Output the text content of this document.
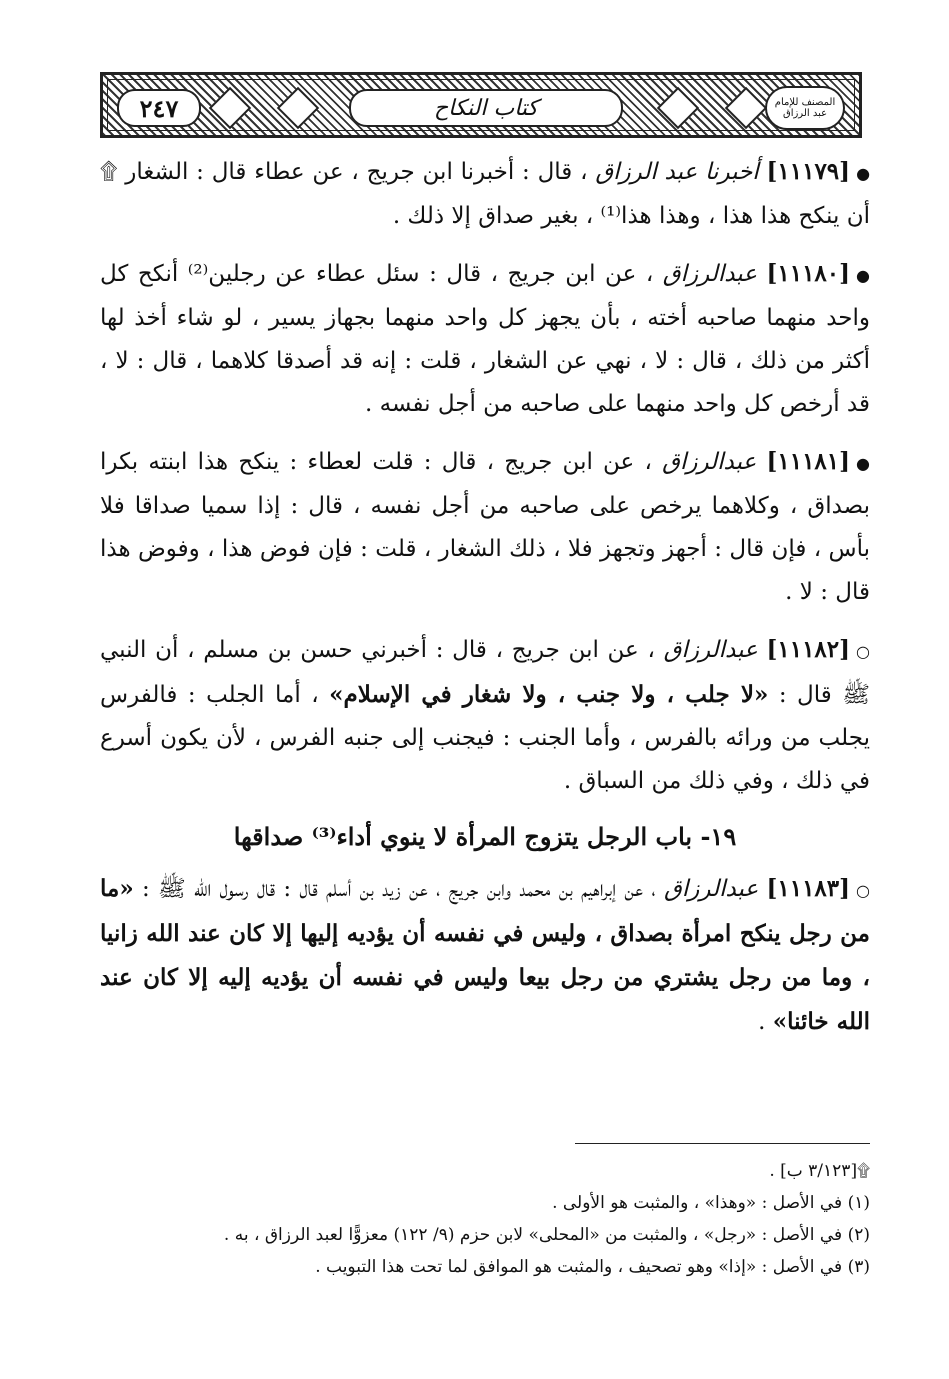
٢٤٧	كتاب النكاح	المصنف للإمام عبد الرزاق

●[١١١٧٩] أخبرنا عبد الرزاق ، قال : أخبرنا ابن جريج ، عن عطاء قال : الشغار ۩ أن ينكح هذا هذا ، وهذا هذا⁽¹⁾ ، بغير صداق إلا ذلك .

●[١١١٨٠] عبدالرزاق ، عن ابن جريج ، قال : سئل عطاء عن رجلين⁽²⁾ أنكح كل واحد منهما صاحبه أخته ، بأن يجهز كل واحد منهما بجهاز يسير ، لو شاء أخذ لها أكثر من ذلك ، قال : لا ، نهي عن الشغار ، قلت : إنه قد أصدقا كلاهما ، قال : لا ، قد أرخص كل واحد منهما على صاحبه من أجل نفسه .

●[١١١٨١] عبدالرزاق ، عن ابن جريج ، قال : قلت لعطاء : ينكح هذا ابنته بكرا بصداق ، وكلاهما يرخص على صاحبه من أجل نفسه ، قال : إذا سميا صداقا فلا بأس ، فإن قال : أجهز وتجهز فلا ، ذلك الشغار ، قلت : فإن فوض هذا ، وفوض هذا قال : لا .

○[١١١٨٢] عبدالرزاق ، عن ابن جريج ، قال : أخبرني حسن بن مسلم ، أن النبي ﷺ قال : «لا جلب ، ولا جنب ، ولا شغار في الإسلام» ، أما الجلب : فالفرس يجلب من ورائه بالفرس ، وأما الجنب : فيجنب إلى جنبه الفرس ، لأن يكون أسرع في ذلك ، وفي ذلك من السباق .

١٩- باب الرجل يتزوج المرأة لا ينوي أداء⁽³⁾ صداقها

○[١١١٨٣] عبدالرزاق ، عن إبراهيم بن محمد وابن جريج ، عن زيد بن أسلم قال : قال رسول الله ﷺ : «ما من رجل ينكح امرأة بصداق ، وليس في نفسه أن يؤديه إليها إلا كان عند الله زانيا ، وما من رجل يشتري من رجل بيعا وليس في نفسه أن يؤديه إليه إلا كان عند الله خائنا» .

۩[٣/١٢٣ ب] .

(١) في الأصل : «وهذا» ، والمثبت هو الأولى .

(٢) في الأصل : «رجل» ، والمثبت من «المحلى» لابن حزم (٩/ ١٢٢) معزوًّا لعبد الرزاق ، به .

(٣) في الأصل : «إذا» وهو تصحيف ، والمثبت هو الموافق لما تحت هذا التبويب .
